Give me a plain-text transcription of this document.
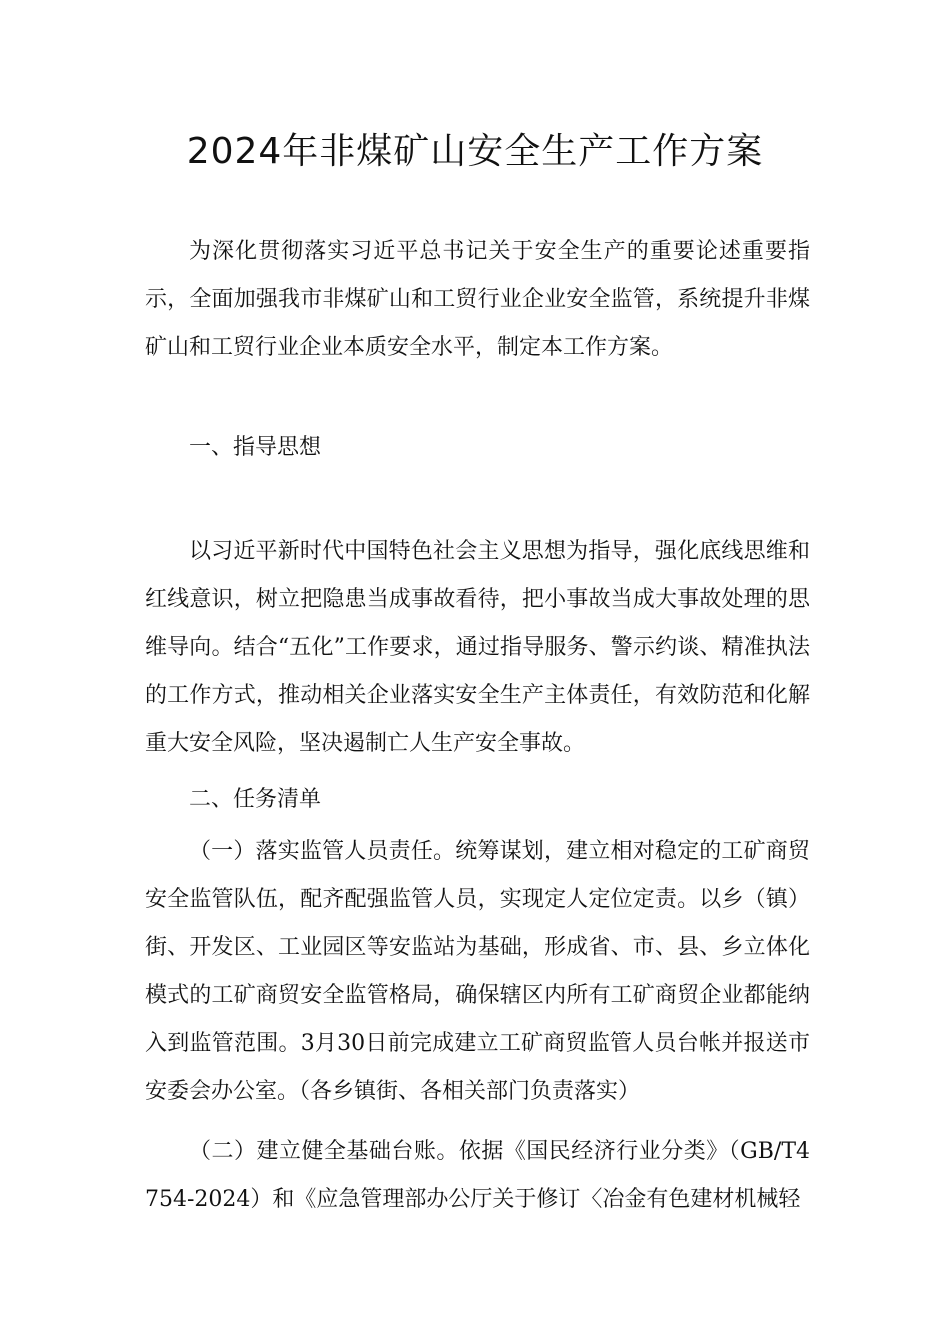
2024年非煤矿山安全生产工作方案

为深化贯彻落实习近平总书记关于安全生产的重要论述重要指示，全面加强我市非煤矿山和工贸行业企业安全监管，系统提升非煤矿山和工贸行业企业本质安全水平，制定本工作方案。

一、指导思想

以习近平新时代中国特色社会主义思想为指导，强化底线思维和红线意识，树立把隐患当成事故看待，把小事故当成大事故处理的思维导向。结合“五化”工作要求，通过指导服务、警示约谈、精准执法的工作方式，推动相关企业落实安全生产主体责任，有效防范和化解重大安全风险，坚决遏制亡人生产安全事故。

二、任务清单

（一）落实监管人员责任。统筹谋划，建立相对稳定的工矿商贸安全监管队伍，配齐配强监管人员，实现定人定位定责。以乡（镇）街、开发区、工业园区等安监站为基础，形成省、市、县、乡立体化模式的工矿商贸安全监管格局，确保辖区内所有工矿商贸企业都能纳入到监管范围。3月30日前完成建立工矿商贸监管人员台帐并报送市安委会办公室。（各乡镇街、各相关部门负责落实）

（二）建立健全基础台账。依据《国民经济行业分类》（GB/T4754-2024）和《应急管理部办公厅关于修订〈冶金有色建材机械轻
